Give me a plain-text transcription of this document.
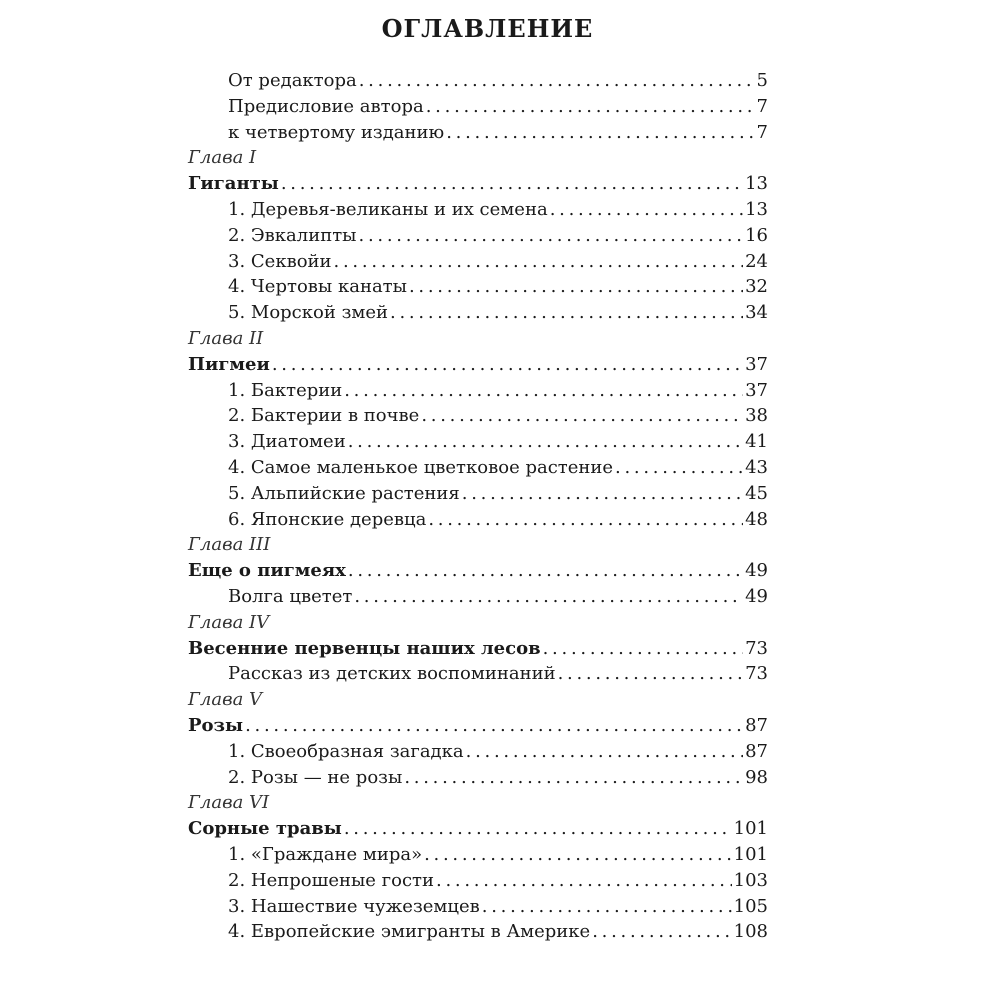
ОГЛАВЛЕНИЕ
От редактора . . .	5
Предисловие автора . . .	7
к четвертому изданию . . .	7
Глава I
Гиганты . . .	13
1. Деревья-великаны и их семена . . .	13
2. Эвкалипты . . .	16
3. Секвойи . . .	24
4. Чертовы канаты . . .	32
5. Морской змей . . .	34
Глава II
Пигмеи . . .	37
1. Бактерии . . .	37
2. Бактерии в почве . . .	38
3. Диатомеи . . .	41
4. Самое маленькое цветковое растение . . .	43
5. Альпийские растения . . .	45
6. Японские деревца . . .	48
Глава III
Еще о пигмеях . . .	49
Волга цветет . . .	49
Глава IV
Весенние первенцы наших лесов . . .	73
Рассказ из детских воспоминаний . . .	73
Глава V
Розы . . .	87
1. Своеобразная загадка . . .	87
2. Розы — не розы . . .	98
Глава VI
Сорные травы . . .	101
1. «Граждане мира» . . .	101
2. Непрошеные гости . . .	103
3. Нашествие чужеземцев . . .	105
4. Европейские эмигранты в Америке . . .	108
